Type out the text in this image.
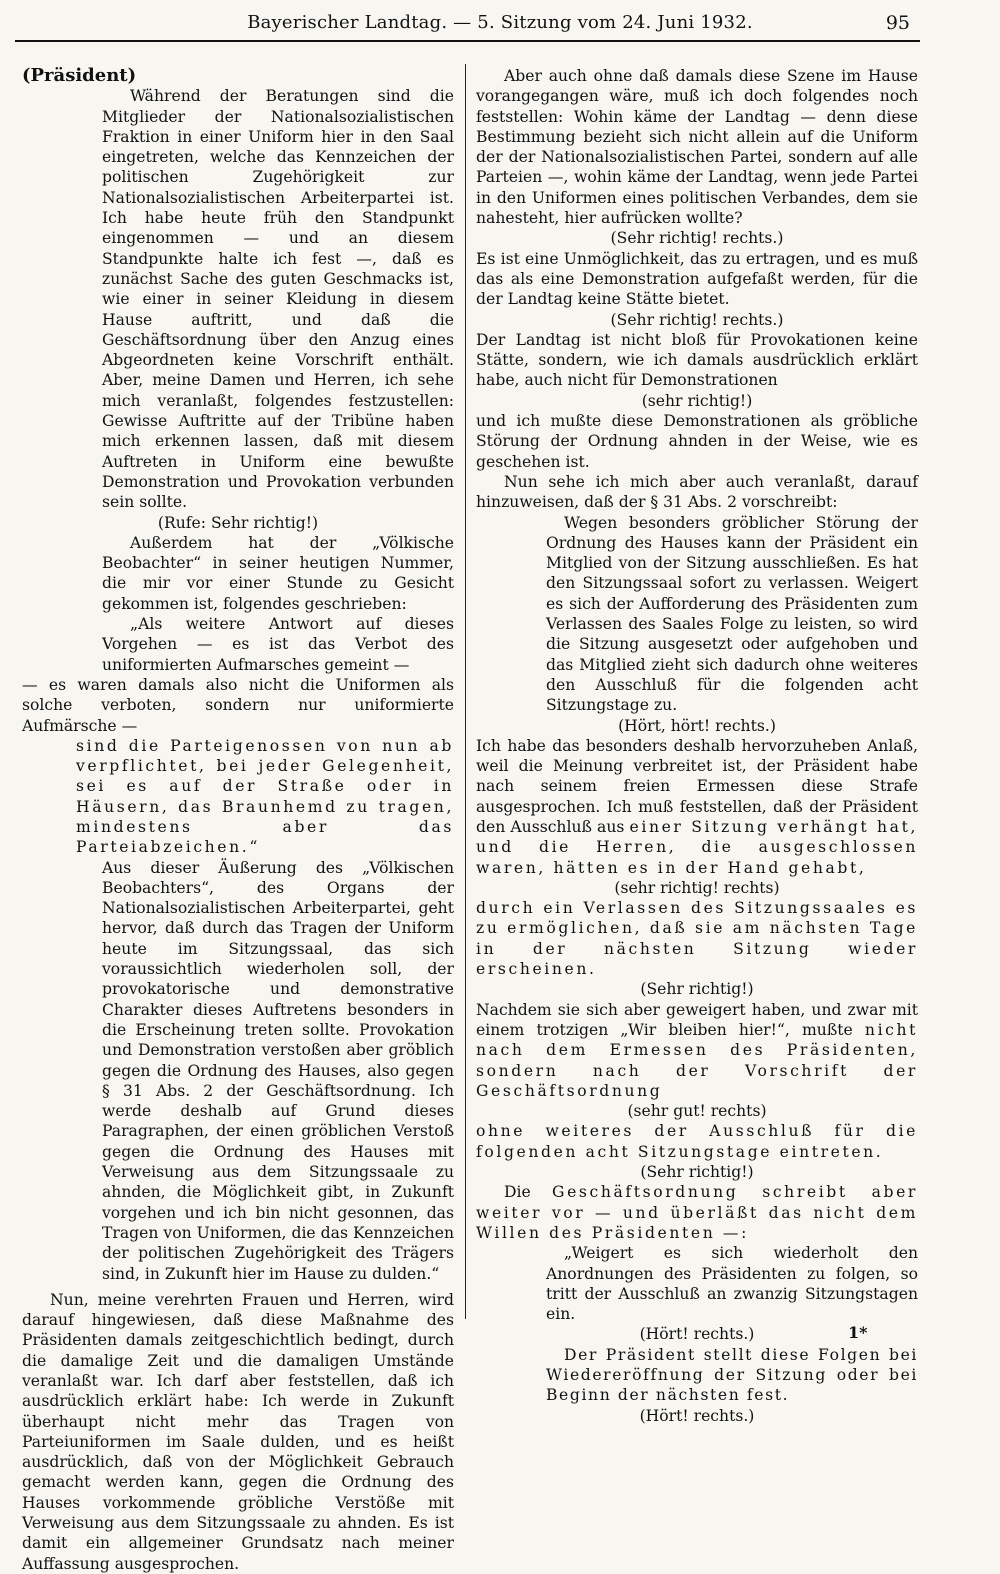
Bayerischer Landtag. — 5. Sitzung vom 24. Juni 1932.	95

(Präsident)

Während der Beratungen sind die Mitglieder der Nationalsozialistischen Fraktion in einer Uniform hier in den Saal eingetreten, welche das Kennzeichen der politischen Zugehörigkeit zur Nationalsozialistischen Arbeiterpartei ist. Ich habe heute früh den Standpunkt eingenommen — und an diesem Standpunkte halte ich fest —, daß es zunächst Sache des guten Geschmacks ist, wie einer in seiner Kleidung in diesem Hause auftritt, und daß die Geschäftsordnung über den Anzug eines Abgeordneten keine Vorschrift enthält. Aber, meine Damen und Herren, ich sehe mich veranlaßt, folgendes festzustellen: Gewisse Auftritte auf der Tribüne haben mich erkennen lassen, daß mit diesem Auftreten in Uniform eine bewußte Demonstration und Provokation verbunden sein sollte.

(Rufe: Sehr richtig!)

Außerdem hat der „Völkische Beobachter“ in seiner heutigen Nummer, die mir vor einer Stunde zu Gesicht gekommen ist, folgendes geschrieben:

„Als weitere Antwort auf dieses Vorgehen — es ist das Verbot des uniformierten Aufmarsches gemeint —

— es waren damals also nicht die Uniformen als solche verboten, sondern nur uniformierte Aufmärsche —

sind die Parteigenossen von nun ab verpflichtet, bei jeder Gelegenheit, sei es auf der Straße oder in Häusern, das Braunhemd zu tragen, mindestens aber das Parteiabzeichen.“

Aus dieser Äußerung des „Völkischen Beobachters“, des Organs der Nationalsozialistischen Arbeiterpartei, geht hervor, daß durch das Tragen der Uniform heute im Sitzungssaal, das sich voraussichtlich wiederholen soll, der provokatorische und demonstrative Charakter dieses Auftretens besonders in die Erscheinung treten sollte. Provokation und Demonstration verstoßen aber gröblich gegen die Ordnung des Hauses, also gegen § 31 Abs. 2 der Geschäftsordnung. Ich werde deshalb auf Grund dieses Paragraphen, der einen gröblichen Verstoß gegen die Ordnung des Hauses mit Verweisung aus dem Sitzungssaale zu ahnden, die Möglichkeit gibt, in Zukunft vorgehen und ich bin nicht gesonnen, das Tragen von Uniformen, die das Kennzeichen der politischen Zugehörigkeit des Trägers sind, in Zukunft hier im Hause zu dulden.“

Nun, meine verehrten Frauen und Herren, wird darauf hingewiesen, daß diese Maßnahme des Präsidenten damals zeitgeschichtlich bedingt, durch die damalige Zeit und die damaligen Umstände veranlaßt war. Ich darf aber feststellen, daß ich ausdrücklich erklärt habe: Ich werde in Zukunft überhaupt nicht mehr das Tragen von Parteiuniformen im Saale dulden, und es heißt ausdrücklich, daß von der Möglichkeit Gebrauch gemacht werden kann, gegen die Ordnung des Hauses vorkommende gröbliche Verstöße mit Verweisung aus dem Sitzungssaale zu ahnden. Es ist damit ein allgemeiner Grundsatz nach meiner Auffassung ausgesprochen.

Aber auch ohne daß damals diese Szene im Hause vorangegangen wäre, muß ich doch folgendes noch feststellen: Wohin käme der Landtag — denn diese Bestimmung bezieht sich nicht allein auf die Uniform der der Nationalsozialistischen Partei, sondern auf alle Parteien —, wohin käme der Landtag, wenn jede Partei in den Uniformen eines politischen Verbandes, dem sie nahesteht, hier aufrücken wollte?

(Sehr richtig! rechts.)

Es ist eine Unmöglichkeit, das zu ertragen, und es muß das als eine Demonstration aufgefaßt werden, für die der Landtag keine Stätte bietet.

(Sehr richtig! rechts.)

Der Landtag ist nicht bloß für Provokationen keine Stätte, sondern, wie ich damals ausdrücklich erklärt habe, auch nicht für Demonstrationen

(sehr richtig!)

und ich mußte diese Demonstrationen als gröbliche Störung der Ordnung ahnden in der Weise, wie es geschehen ist.

Nun sehe ich mich aber auch veranlaßt, darauf hinzuweisen, daß der § 31 Abs. 2 vorschreibt:

Wegen besonders gröblicher Störung der Ordnung des Hauses kann der Präsident ein Mitglied von der Sitzung ausschließen. Es hat den Sitzungssaal sofort zu verlassen. Weigert es sich der Aufforderung des Präsidenten zum Verlassen des Saales Folge zu leisten, so wird die Sitzung ausgesetzt oder aufgehoben und das Mitglied zieht sich dadurch ohne weiteres den Ausschluß für die folgenden acht Sitzungstage zu.

(Hört, hört! rechts.)

Ich habe das besonders deshalb hervorzuheben Anlaß, weil die Meinung verbreitet ist, der Präsident habe nach seinem freien Ermessen diese Strafe ausgesprochen. Ich muß feststellen, daß der Präsident den Ausschluß aus einer Sitzung verhängt hat, und die Herren, die ausgeschlossen waren, hätten es in der Hand gehabt,

(sehr richtig! rechts)

durch ein Verlassen des Sitzungssaales es zu ermöglichen, daß sie am nächsten Tage in der nächsten Sitzung wieder erscheinen.

(Sehr richtig!)

Nachdem sie sich aber geweigert haben, und zwar mit einem trotzigen „Wir bleiben hier!“, mußte nicht nach dem Ermessen des Präsidenten, sondern nach der Vorschrift der Geschäftsordnung

(sehr gut! rechts)

ohne weiteres der Ausschluß für die folgenden acht Sitzungstage eintreten.

(Sehr richtig!)

Die Geschäftsordnung schreibt aber weiter vor — und überläßt das nicht dem Willen des Präsidenten —:

„Weigert es sich wiederholt den Anordnungen des Präsidenten zu folgen, so tritt der Ausschluß an zwanzig Sitzungstagen ein.

(Hört! rechts.)

Der Präsident stellt diese Folgen bei Wiedereröffnung der Sitzung oder bei Beginn der nächsten fest.

(Hört! rechts.)

1*
